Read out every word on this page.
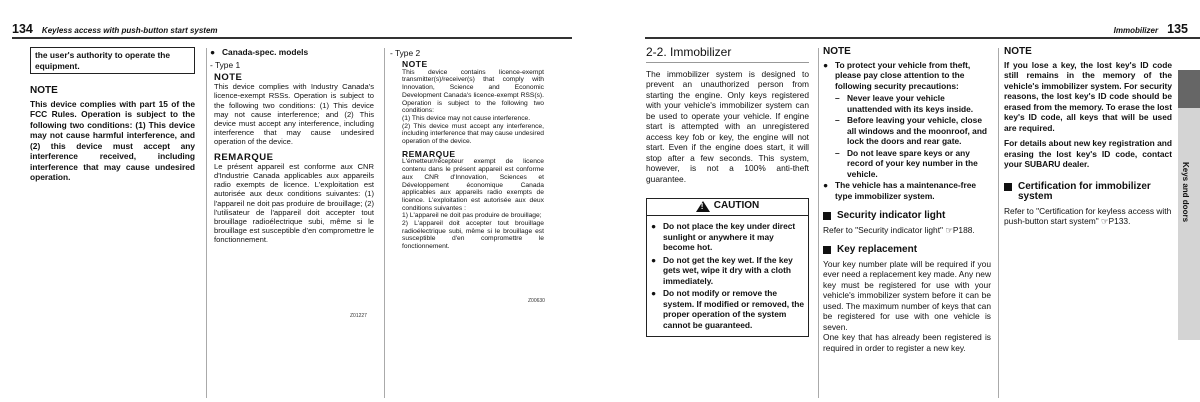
134 Keyless access with push-button start system
the user's authority to operate the equipment.
NOTE
This device complies with part 15 of the FCC Rules. Operation is subject to the following two conditions: (1) This device may not cause harmful interference, and (2) this device must accept any interference received, including interference that may cause undesired operation.
● Canada-spec. models
- Type 1
NOTE
This device complies with Industry Canada's licence-exempt RSSs. Operation is subject to the following two conditions: (1) This device may not cause interference; and (2) This device must accept any interference, including interference that may cause undesired operation of the device.
REMARQUE
Le présent appareil est conforme aux CNR d'Industrie Canada applicables aux appareils radio exempts de licence. L'exploitation est autorisée aux deux conditions suivantes: (1) l'appareil ne doit pas produire de brouillage; (2) l'utilisateur de l'appareil doit accepter tout brouillage radioélectrique subi, même si le brouillage est susceptible d'en compromettre le fonctionnement.
Z01227
- Type 2
NOTE
This device contains licence-exempt transmitter(s)/receiver(s) that comply with Innovation, Science and Economic Development Canada's licence-exempt RSS(s). Operation is subject to the following two conditions:
(1) This device may not cause interference.
(2) This device must accept any interference, including interference that may cause undesired operation of the device.
REMARQUE
L'émetteur/récepteur exempt de licence contenu dans le présent appareil est conforme aux CNR d'Innovation, Sciences et Développement économique Canada applicables aux appareils radio exempts de licence. L'exploitation est autorisée aux deux conditions suivantes :
1) L'appareil ne doit pas produire de brouillage;
2) L'appareil doit accepter tout brouillage radioélectrique subi, même si le brouillage est susceptible d'en compromettre le fonctionnement.
Z00630
Immobilizer 135
2-2. Immobilizer
The immobilizer system is designed to prevent an unauthorized person from starting the engine. Only keys registered with your vehicle's immobilizer system can be used to operate your vehicle. If engine start is attempted with an unregistered access key fob or key, the engine will not start. Even if the engine does start, it will stop after a few seconds. This system, however, is not a 100% anti-theft guarantee.
!
CAUTION
● Do not place the key under direct sunlight or anywhere it may become hot.
● Do not get the key wet. If the key gets wet, wipe it dry with a cloth immediately.
● Do not modify or remove the system. If modified or removed, the proper operation of the system cannot be guaranteed.
NOTE
● To protect your vehicle from theft, please pay close attention to the following security precautions:
– Never leave your vehicle unattended with its keys inside.
– Before leaving your vehicle, close all windows and the moonroof, and lock the doors and rear gate.
– Do not leave spare keys or any record of your key number in the vehicle.
● The vehicle has a maintenance-free type immobilizer system.
Security indicator light
Refer to "Security indicator light" ☞P188.
Key replacement
Your key number plate will be required if you ever need a replacement key made. Any new key must be registered for use with your vehicle's immobilizer system before it can be used. The maximum number of keys that can be registered for use with one vehicle is seven.
One key that has already been registered is required in order to register a new key.
NOTE
If you lose a key, the lost key's ID code still remains in the memory of the vehicle's immobilizer system. For security reasons, the lost key's ID code should be erased from the memory. To erase the lost key's ID code, all keys that will be used are required.
For details about new key registration and erasing the lost key's ID code, contact your SUBARU dealer.
Certification for immobilizer system
Refer to "Certification for keyless access with push-button start system" ☞P133.	Keys and doors
